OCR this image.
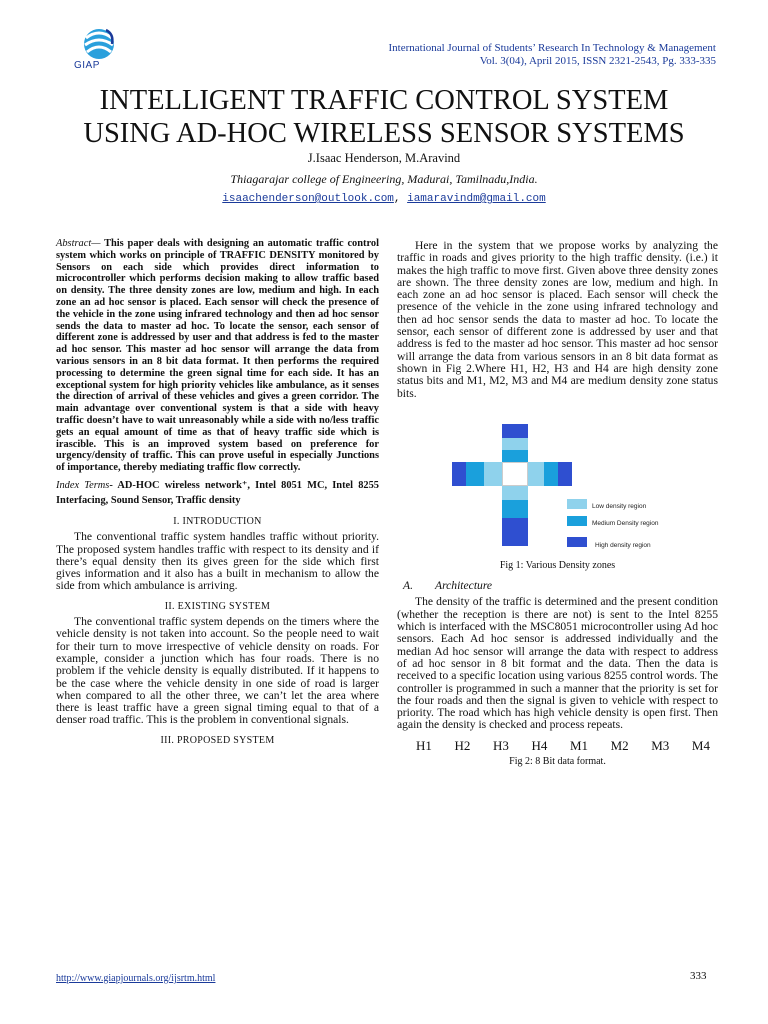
GIAP
International Journal of Students’ Research In Technology & Management
Vol. 3(04), April 2015, ISSN 2321-2543, Pg. 333-335
INTELLIGENT TRAFFIC CONTROL SYSTEM
USING AD-HOC WIRELESS SENSOR SYSTEMS
J.Isaac Henderson, M.Aravind
Thiagarajar college of Engineering, Madurai, Tamilnadu,India.
isaachenderson@outlook.com, iamaravindm@gmail.com

Abstract— This paper deals with designing an automatic traffic control system which works on principle of TRAFFIC DENSITY monitored by Sensors on each side which provides direct information to microcontroller which performs decision making to allow traffic based on density. The three density zones are low, medium and high. In each zone an ad hoc sensor is placed. Each sensor will check the presence of the vehicle in the zone using infrared technology and then ad hoc sensor sends the data to master ad hoc. To locate the sensor, each sensor of different zone is addressed by user and that address is fed to the master ad hoc sensor. This master ad hoc sensor will arrange the data from various sensors in an 8 bit data format. It then performs the required processing to determine the green signal time for each side. It has an exceptional system for high priority vehicles like ambulance, as it senses the direction of arrival of these vehicles and gives a green corridor. The main advantage over conventional system is that a side with heavy traffic doesn’t have to wait unreasonably while a side with no/less traffic gets an equal amount of time as that of heavy traffic side which is irascible. This is an improved system based on preference for urgency/density of traffic. This can prove useful in especially Junctions of importance, thereby mediating traffic flow correctly.

Index Terms- AD-HOC wireless network⁺, Intel 8051 MC, Intel 8255 Interfacing, Sound Sensor, Traffic density

I. INTRODUCTION

The conventional traffic system handles traffic without priority. The proposed system handles traffic with respect to its density and if there’s equal density then its gives green for the side which first gives information and it also has a built in mechanism to allow the side from which ambulance is arriving.

II. EXISTING SYSTEM

The conventional traffic system depends on the timers where the vehicle density is not taken into account. So the people need to wait for their turn to move irrespective of vehicle density on roads. For example, consider a junction which has four roads. There is no problem if the vehicle density is equally distributed. If it happens to be the case where the vehicle density in one side of road is larger when compared to all the other three, we can’t let the area where there is least traffic have a green signal timing equal to that of a denser road traffic. This is the problem in conventional signals.

III. PROPOSED SYSTEM

Here in the system that we propose works by analyzing the traffic in roads and gives priority to the high traffic density. (i.e.) it makes the high traffic to move first. Given above three density zones are shown. The three density zones are low, medium and high. In each zone an ad hoc sensor is placed. Each sensor will check the presence of the vehicle in the zone using infrared technology and then ad hoc sensor sends the data to master ad hoc. To locate the sensor, each sensor of different zone is addressed by user and that address is fed to the master ad hoc sensor. This master ad hoc sensor will arrange the data from various sensors in an 8 bit data format as shown in Fig 2.Where H1, H2, H3 and H4 are high density zone status bits and M1, M2, M3 and M4 are medium density zone status bits.

Low density region
Medium Density region
High density region
Fig 1: Various Density zones
A. Architecture

The density of the traffic is determined and the present condition (whether the reception is there are not) is sent to the Intel 8255 which is interfaced with the MSC8051 microcontroller using Ad hoc sensors. Each Ad hoc sensor is addressed individually and the median Ad hoc sensor will arrange the data with respect to address of ad hoc sensor in 8 bit format and the data. Then the data is received to a specific location using various 8255 control words. The controller is programmed in such a manner that the priority is set for the four roads and then the signal is given to vehicle with respect to priority. The road which has high vehicle density is open first. Then again the density is checked and process repeats.

H1 H2 H3 H4 M1 M2 M3 M4
Fig 2: 8 Bit data format.
http://www.giapjournals.org/ijsrtm.html	333
